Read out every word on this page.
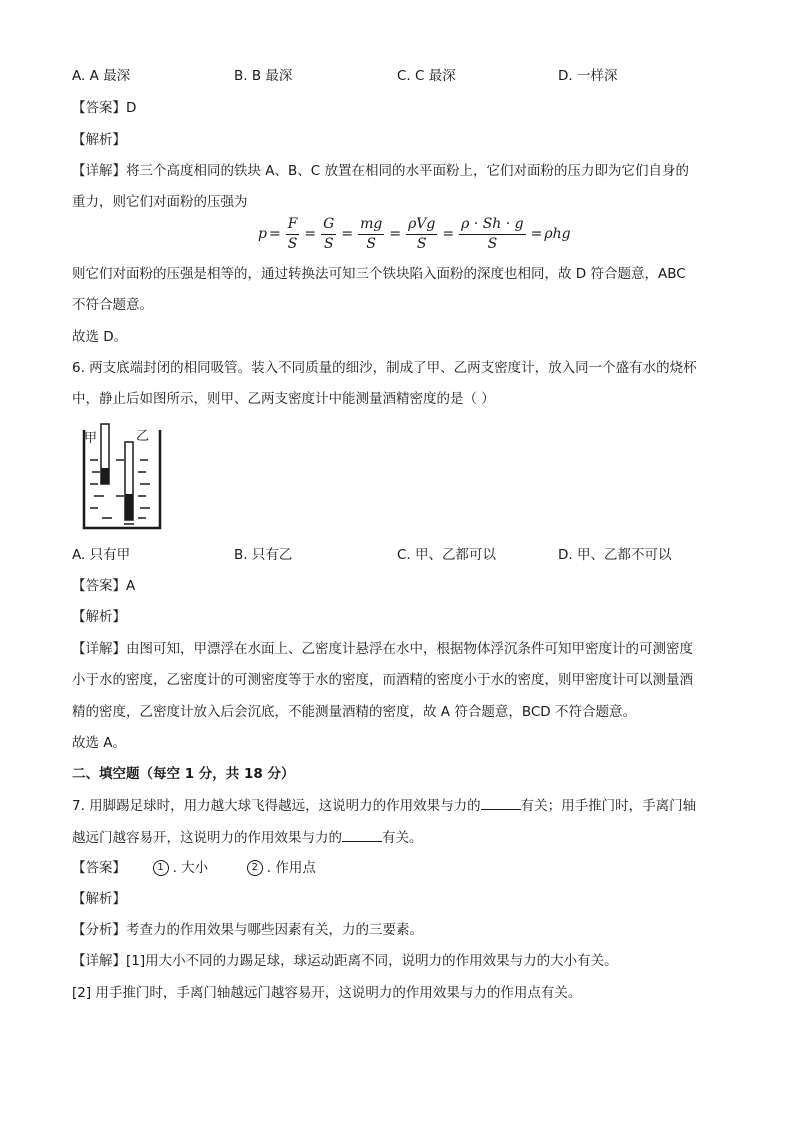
A. A 最深	B. B 最深	C. C 最深	D. 一样深
【答案】D
【解析】
【详解】将三个高度相同的铁块 A、B、C 放置在相同的水平面粉上，它们对面粉的压力即为它们自身的
重力，则它们对面粉的压强为
$p = \frac{F}{S} = \frac{G}{S} = \frac{mg}{S} = \frac{\text{ρVg}}{S} = \frac{\rho \cdot Sh \cdot g}{S} = \rho hg$
则它们对面粉的压强是相等的，通过转换法可知三个铁块陷入面粉的深度也相同，故 D 符合题意，ABC
不符合题意。
故选 D。
6. 两支底端封闭的相同吸管。装入不同质量的细沙，制成了甲、乙两支密度计，放入同一个盛有水的烧杯
中，静止后如图所示，则甲、乙两支密度计中能测量酒精密度的是（ ）
甲	乙
A. 只有甲	B. 只有乙	C. 甲、乙都可以	D. 甲、乙都不可以
【答案】A
【解析】
【详解】由图可知，甲漂浮在水面上、乙密度计悬浮在水中，根据物体浮沉条件可知甲密度计的可测密度
小于水的密度，乙密度计的可测密度等于水的密度，而酒精的密度小于水的密度，则甲密度计可以测量酒
精的密度，乙密度计放入后会沉底，不能测量酒精的密度，故 A 符合题意，BCD 不符合题意。
故选 A。
二、填空题（每空 1 分，共 18 分）
7. 用脚踢足球时，用力越大球飞得越远，这说明力的作用效果与力的	有关；用手推门时，手离门轴
越远门越容易开，这说明力的作用效果与力的	有关。
【答案】	1 . 大小	2 . 作用点
【解析】
【分析】考查力的作用效果与哪些因素有关，力的三要素。
【详解】[1]用大小不同的力踢足球，球运动距离不同，说明力的作用效果与力的大小有关。
[2] 用手推门时，手离门轴越远门越容易开，这说明力的作用效果与力的作用点有关。
